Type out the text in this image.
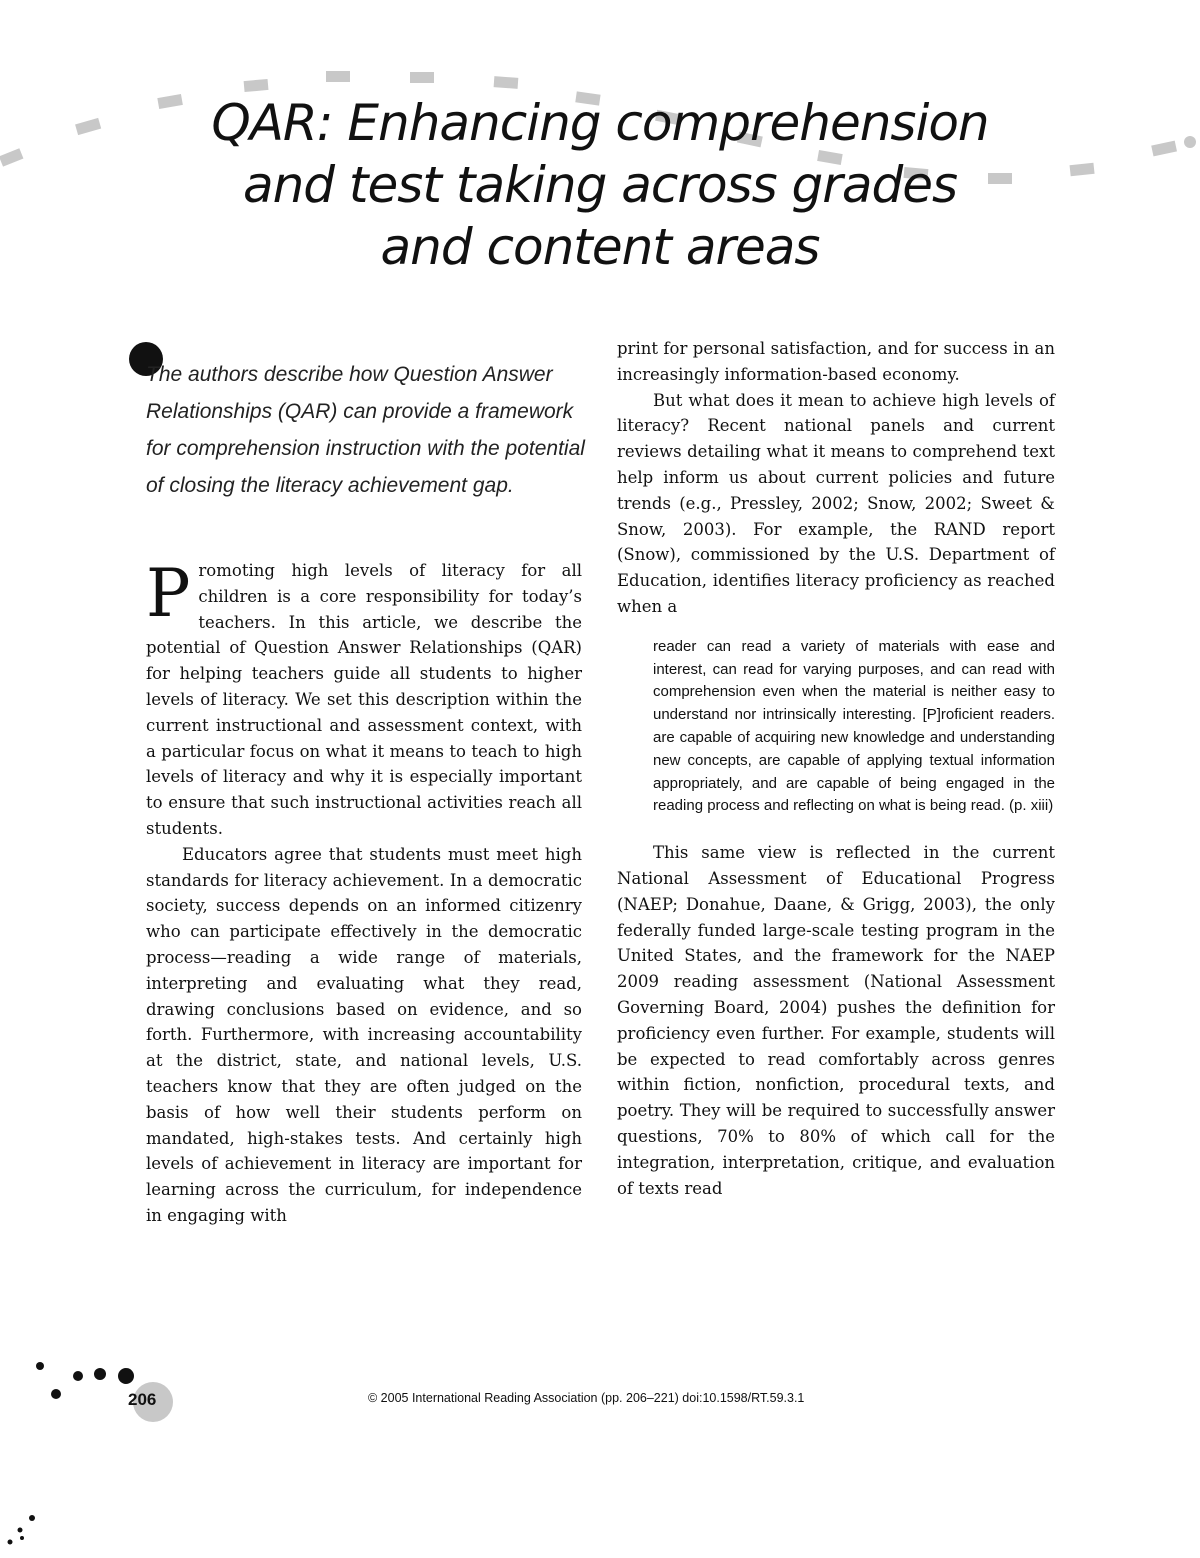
QAR: Enhancing comprehension
and test taking across grades
and content areas
The authors describe how Question Answer Relationships (QAR) can provide a framework for comprehension instruction with the potential of closing the literacy achievement gap.

Promoting high levels of literacy for all children is a core responsibility for today’s teachers. In this article, we describe the potential of Question Answer Relationships (QAR) for helping teachers guide all students to higher levels of literacy. We set this description within the current instructional and assessment context, with a particular focus on what it means to teach to high levels of literacy and why it is especially important to ensure that such instructional activities reach all students.

Educators agree that students must meet high standards for literacy achievement. In a democratic society, success depends on an informed citizenry who can participate effectively in the democratic process—reading a wide range of materials, interpreting and evaluating what they read, drawing conclusions based on evidence, and so forth. Furthermore, with increasing accountability at the district, state, and national levels, U.S. teachers know that they are often judged on the basis of how well their students perform on mandated, high-stakes tests. And certainly high levels of achievement in literacy are important for learning across the curriculum, for independence in engaging with

print for personal satisfaction, and for success in an increasingly information-based economy.

But what does it mean to achieve high levels of literacy? Recent national panels and current reviews detailing what it means to comprehend text help inform us about current policies and future trends (e.g., Pressley, 2002; Snow, 2002; Sweet & Snow, 2003). For example, the RAND report (Snow), commissioned by the U.S. Department of Education, identifies literacy proficiency as reached when a

reader can read a variety of materials with ease and interest, can read for varying purposes, and can read with comprehension even when the material is neither easy to understand nor intrinsically interesting. [P]roficient readers. are capable of acquiring new knowledge and understanding new concepts, are capable of applying textual information appropriately, and are capable of being engaged in the reading process and reflecting on what is being read. (p. xiii)

This same view is reflected in the current National Assessment of Educational Progress (NAEP; Donahue, Daane, & Grigg, 2003), the only federally funded large-scale testing program in the United States, and the framework for the NAEP 2009 reading assessment (National Assessment Governing Board, 2004) pushes the definition for proficiency even further. For example, students will be expected to read comfortably across genres within fiction, nonfiction, procedural texts, and poetry. They will be required to successfully answer questions, 70% to 80% of which call for the integration, interpretation, critique, and evaluation of texts read

206	© 2005 International Reading Association (pp. 206–221) doi:10.1598/RT.59.3.1
